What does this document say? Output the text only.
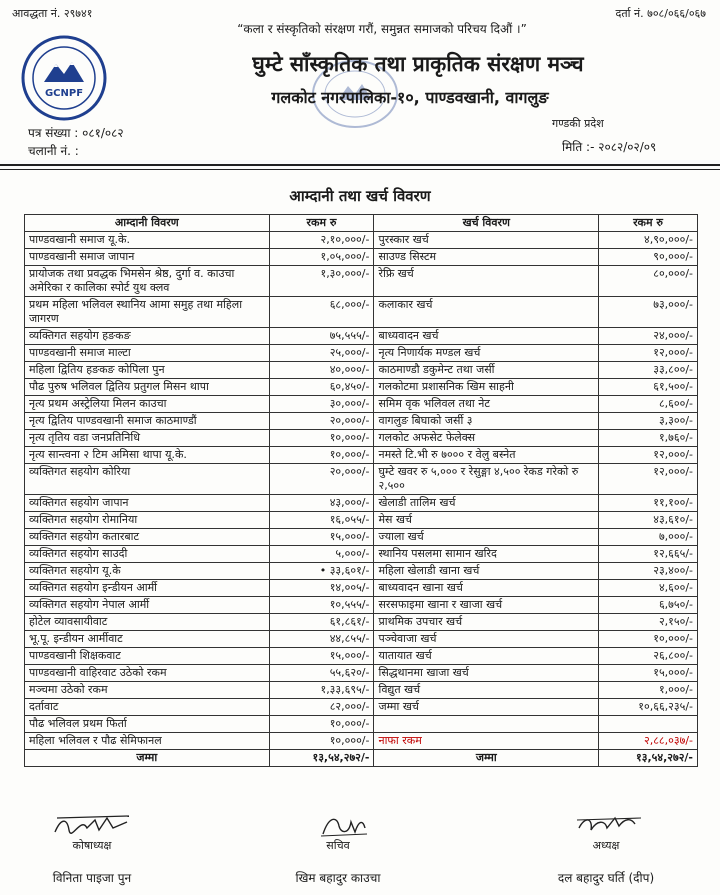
आवद्धता नं. २९७४१	दर्ता नं. ७०८/०६६/०६७
“कला र संस्कृतिको संरक्षण गरौं, समुन्नत समाजको परिचय दिऔं ।”
GCNPF
घुम्टे साँस्कृतिक तथा प्राकृतिक संरक्षण मञ्च
गलकोट नगरपालिका-१०, पाण्डवखानी, वागलुङ
गण्डकी प्रदेश
पत्र संख्या : ०८१/०८२
चलानी नं. :	मिति :- २०८२/०२/०९
आम्दानी तथा खर्च विवरण
आम्दानी विवरण	रकम रु	खर्च विवरण	रकम रु
पाण्डवखानी समाज यू.के.	२,१०,०००/-	पुरस्कार खर्च	४,९०,०००/-
पाण्डवखानी समाज जापान	१,०५,०००/-	साउण्ड सिस्टम	९०,०००/-
प्रायोजक तथा प्रवद्धक भिमसेन श्रेष्ठ, दुर्गा व. काउचा अमेरिका र कालिका स्पोर्ट युथ क्लव	१,३०,०००/-	रेफ्रि खर्च	८०,०००/-
प्रथम महिला भलिवल स्थानिय आमा समुह तथा महिला जागरण	६८,०००/-	कलाकार खर्च	७३,०००/-
व्यक्तिगत सहयोग हङकङ	७५,५५५/-	बाध्यवादन खर्च	२४,०००/-
पाण्डवखानी समाज माल्टा	२५,०००/-	नृत्य निणार्यक मण्डल खर्च	१२,०००/-
महिला द्वितिय हङकङ कोपिला पुन	४०,०००/-	काठमाण्डौ डकुमेन्ट तथा जर्सी	३३,८००/-
पौढ पुरुष भलिवल द्वितिय प्रतुगल मिसन थापा	६०,४५०/-	गलकोटमा प्रशासनिक खिम साहनी	६१,५००/-
नृत्य प्रथम अस्ट्रेलिया मिलन काउचा	३०,०००/-	समिम वृक भलिवल तथा नेट	८,६००/-
नृत्य द्वितिय पाण्डवखानी समाज काठमाण्डौं	२०,०००/-	वागलुङ बिघाको जर्सी ३	३,३००/-
नृत्य तृतिय वडा जनप्रतिनिधि	१०,०००/-	गलकोट अफसेट फेलेक्स	१,७६०/-
नृत्य सान्त्वना २ टिम अमिसा थापा यू.के.	१०,०००/-	नमस्ते टि.भी रु ७००० र वेलु बस्नेत	१२,०००/-
व्यक्तिगत सहयोग कोरिया	२०,०००/-	घुम्टे खवर रु ५,००० र रेसुङ्गा ४,५०० रेकड गरेको रु २,५००	१२,०००/-
व्यक्तिगत सहयोग जापान	४३,०००/-	खेलाडी तालिम खर्च	११,१००/-
व्यक्तिगत सहयोग रोमानिया	१६,०५५/-	मेस खर्च	४३,६१०/-
व्यक्तिगत सहयोग कतारबाट	१५,०००/-	ज्याला खर्च	७,०००/-
व्यक्तिगत सहयोग साउदी	५,०००/-	स्थानिय पसलमा सामान खरिद	१२,६६५/-
व्यक्तिगत सहयोग यू.के	• ३३,६०१/-	महिला खेलाडी खाना खर्च	२३,४००/-
व्यक्तिगत सहयोग इन्डीयन आर्मी	१४,००५/-	बाध्यवादन खाना खर्च	४,६००/-
व्यक्तिगत सहयोग नेपाल आर्मी	१०,५५५/-	सरसफाइमा खाना र खाजा खर्च	६,७५०/-
होटेल व्यावसायीवाट	६१,८६१/-	प्राथमिक उपचार खर्च	२,१५०/-
भू.पू. इन्डीयन आर्मीवाट	४४,८५५/-	पञ्चेवाजा खर्च	१०,०००/-
पाण्डवखानी शिक्षकवाट	१५,०००/-	यातायात खर्च	२६,८००/-
पाण्डवखानी वाहिरवाट उठेको रकम	५५,६२०/-	सिद्धथानमा खाजा खर्च	१५,०००/-
मञ्चमा उठेको रकम	१,३३,६९५/-	विद्युत खर्च	१,०००/-
दर्तावाट	८२,०००/-	जम्मा खर्च	१०,६६,२३५/-
पौढ भलिवल प्रथम फिर्ता	१०,०००/-		
महिला भलिवल र पौढ सेमिफानल	१०,०००/-	नाफा रकम	२,८८,०३७/-
जम्मा	१३,५४,२७२/-	जम्मा	१३,५४,२७२/-
कोषाध्यक्ष
विनिता पाइजा पुन
सचिव
खिम बहादुर काउचा
अध्यक्ष
दल बहादुर घर्ति (दीप)
